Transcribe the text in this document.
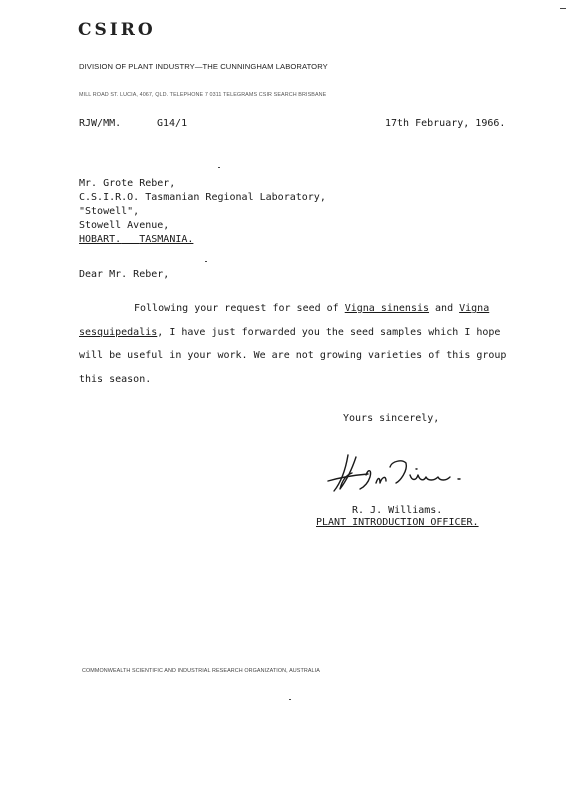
CSIRO
DIVISION OF PLANT INDUSTRY—THE CUNNINGHAM LABORATORY
MILL ROAD ST. LUCIA, 4067, QLD. TELEPHONE 7 0311 TELEGRAMS CSIR SEARCH BRISBANE
RJW/MM.	G14/1	17th February, 1966.
Mr. Grote Reber,
C.S.I.R.O. Tasmanian Regional Laboratory,
"Stowell",
Stowell Avenue,
HOBART. TASMANIA.
Dear Mr. Reber,
Following your request for seed of Vigna sinensis and Vigna
sesquipedalis, I have just forwarded you the seed samples which I hope
will be useful in your work. We are not growing varieties of this group
this season.
Yours sincerely,
R. J. Williams.
PLANT INTRODUCTION OFFICER.
COMMONWEALTH SCIENTIFIC AND INDUSTRIAL RESEARCH ORGANIZATION, AUSTRALIA
